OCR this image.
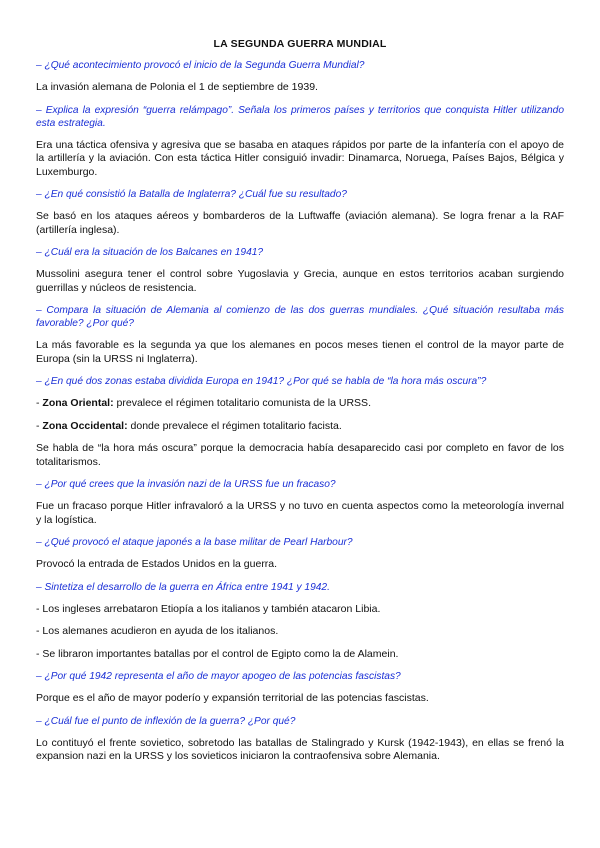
LA SEGUNDA GUERRA MUNDIAL

– ¿Qué acontecimiento provocó el inicio de la Segunda Guerra Mundial?

La invasión alemana de Polonia el 1 de septiembre de 1939.

– Explica la expresión “guerra relámpago”. Señala los primeros países y territorios que conquista Hitler utilizando esta estrategia.

Era una táctica ofensiva y agresiva que se basaba en ataques rápidos por parte de la infantería con el apoyo de la artillería y la aviación. Con esta táctica Hitler consiguió invadir: Dinamarca, Noruega, Países Bajos, Bélgica y Luxemburgo.

– ¿En qué consistió la Batalla de Inglaterra? ¿Cuál fue su resultado?

Se basó en los ataques aéreos y bombarderos de la Luftwaffe (aviación alemana). Se logra frenar a la RAF (artillería inglesa).

– ¿Cuál era la situación de los Balcanes en 1941?

Mussolini asegura tener el control sobre Yugoslavia y Grecia, aunque en estos territorios acaban surgiendo guerrillas y núcleos de resistencia.

– Compara la situación de Alemania al comienzo de las dos guerras mundiales. ¿Qué situación resultaba más favorable? ¿Por qué?

La más favorable es la segunda ya que los alemanes en pocos meses tienen el control de la mayor parte de Europa (sin la URSS ni Inglaterra).

– ¿En qué dos zonas estaba dividida Europa en 1941? ¿Por qué se habla de “la hora más oscura”?

- Zona Oriental: prevalece el régimen totalitario comunista de la URSS.

- Zona Occidental: donde prevalece el régimen totalitario facista.

Se habla de “la hora más oscura” porque la democracia había desaparecido casi por completo en favor de los totalitarismos.

– ¿Por qué crees que la invasión nazi de la URSS fue un fracaso?

Fue un fracaso porque Hitler infravaloró a la URSS y no tuvo en cuenta aspectos como la meteorología invernal y la logística.

– ¿Qué provocó el ataque japonés a la base militar de Pearl Harbour?

Provocó la entrada de Estados Unidos en la guerra.

– Sintetiza el desarrollo de la guerra en África entre 1941 y 1942.

- Los ingleses arrebataron Etiopía a los italianos y también atacaron Libia.

- Los alemanes acudieron en ayuda de los italianos.

- Se libraron importantes batallas por el control de Egipto como la de Alamein.

– ¿Por qué 1942 representa el año de mayor apogeo de las potencias fascistas?

Porque es el año de mayor poderío y expansión territorial de las potencias fascistas.

– ¿Cuál fue el punto de inflexión de la guerra? ¿Por qué?

Lo contituyó el frente sovietico, sobretodo las batallas de Stalingrado y Kursk (1942-1943), en ellas se frenó la expansion nazi en la URSS y los sovieticos iniciaron la contraofensiva sobre Alemania.
